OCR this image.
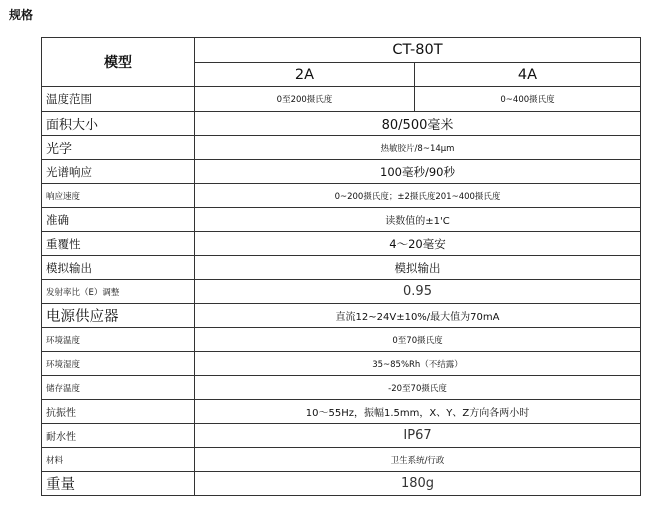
规格
模型	CT-80T	
	2A	4A
温度范围	0至200摄氏度	0~400摄氏度
面积大小	80/500毫米	
光学	热敏胶片/8~14μm	
光谱响应	100毫秒/90秒	
响应速度	0~200摄氏度；±2摄氏度201~400摄氏度	
准确	读数值的±1'C	
重覆性	4〜20毫安	
模拟输出	模拟输出	
发射率比（E）调整	0.95	
电源供应器	直流12~24V±10%/最大值为70mA	
环境温度	0至70摄氏度	
环境湿度	35~85%Rh（不结露）	
储存温度	-20至70摄氏度	
抗振性	10〜55Hz，振幅1.5mm，X、Y、Z方向各两小时	
耐水性	IP67	
材料	卫生系统/行政	
重量	180g	
